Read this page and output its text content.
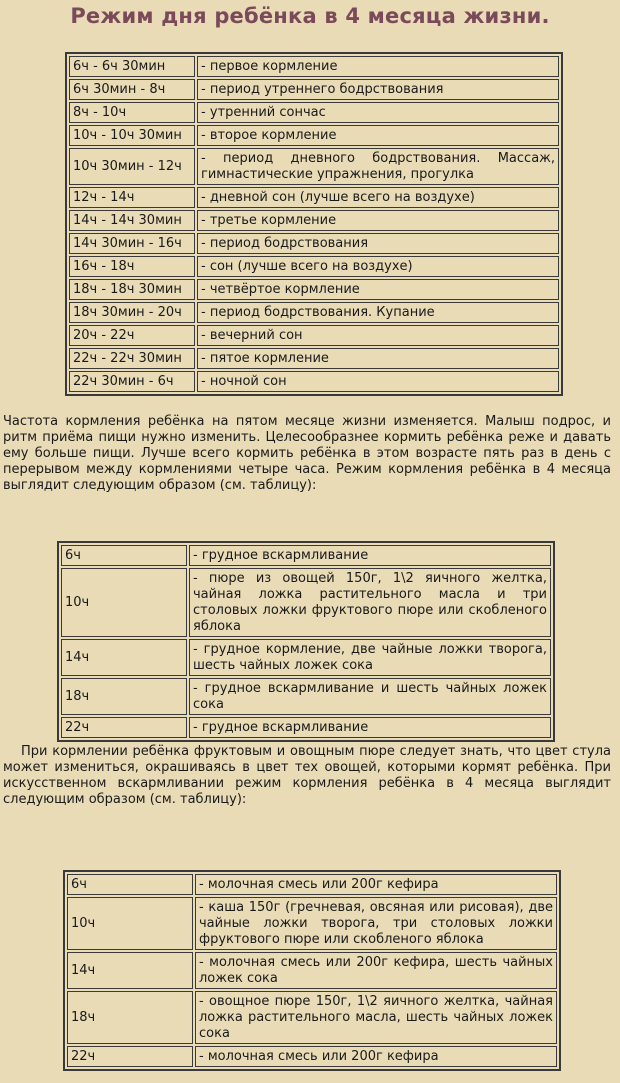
Режим дня ребёнка в 4 месяца жизни.
6ч - 6ч 30мин	- первое кормление
6ч 30мин - 8ч	- период утреннего бодрствования
8ч - 10ч	- утренний сончас
10ч - 10ч 30мин	- второе кормление
10ч 30мин - 12ч	- период дневного бодрствования. Массаж, гимнастические упражнения, прогулка
12ч - 14ч	- дневной сон (лучше всего на воздухе)
14ч - 14ч 30мин	- третье кормление
14ч 30мин - 16ч	- период бодрствования
16ч - 18ч	- сон (лучше всего на воздухе)
18ч - 18ч 30мин	- четвёртое кормление
18ч 30мин - 20ч	- период бодрствования. Купание
20ч - 22ч	- вечерний сон
22ч - 22ч 30мин	- пятое кормление
22ч 30мин - 6ч	- ночной сон

Частота кормления ребёнка на пятом месяце жизни изменяется. Малыш подрос, и ритм приёма пищи нужно изменить. Целесообразнее кормить ребёнка реже и давать ему больше пищи. Лучше всего кормить ребёнка в этом возрасте пять раз в день с перерывом между кормлениями четыре часа. Режим кормления ребёнка в 4 месяца выглядит следующим образом (см. таблицу):

6ч	- грудное вскармливание
10ч	- пюре из овощей 150г, 1\2 яичного желтка, чайная ложка растительного масла и три столовых ложки фруктового пюре или скобленого яблока
14ч	- грудное кормление, две чайные ложки творога, шесть чайных ложек сока
18ч	- грудное вскармливание и шесть чайных ложек сока
22ч	- грудное вскармливание

При кормлении ребёнка фруктовым и овощным пюре следует знать, что цвет стула может измениться, окрашиваясь в цвет тех овощей, которыми кормят ребёнка. При искусственном вскармливании режим кормления ребёнка в 4 месяца выглядит следующим образом (см. таблицу):

6ч	- молочная смесь или 200г кефира
10ч	- каша 150г (гречневая, овсяная или рисовая), две чайные ложки творога, три столовых ложки фруктового пюре или скобленого яблока
14ч	- молочная смесь или 200г кефира, шесть чайных ложек сока
18ч	- овощное пюре 150г, 1\2 яичного желтка, чайная ложка растительного масла, шесть чайных ложек сока
22ч	- молочная смесь или 200г кефира
